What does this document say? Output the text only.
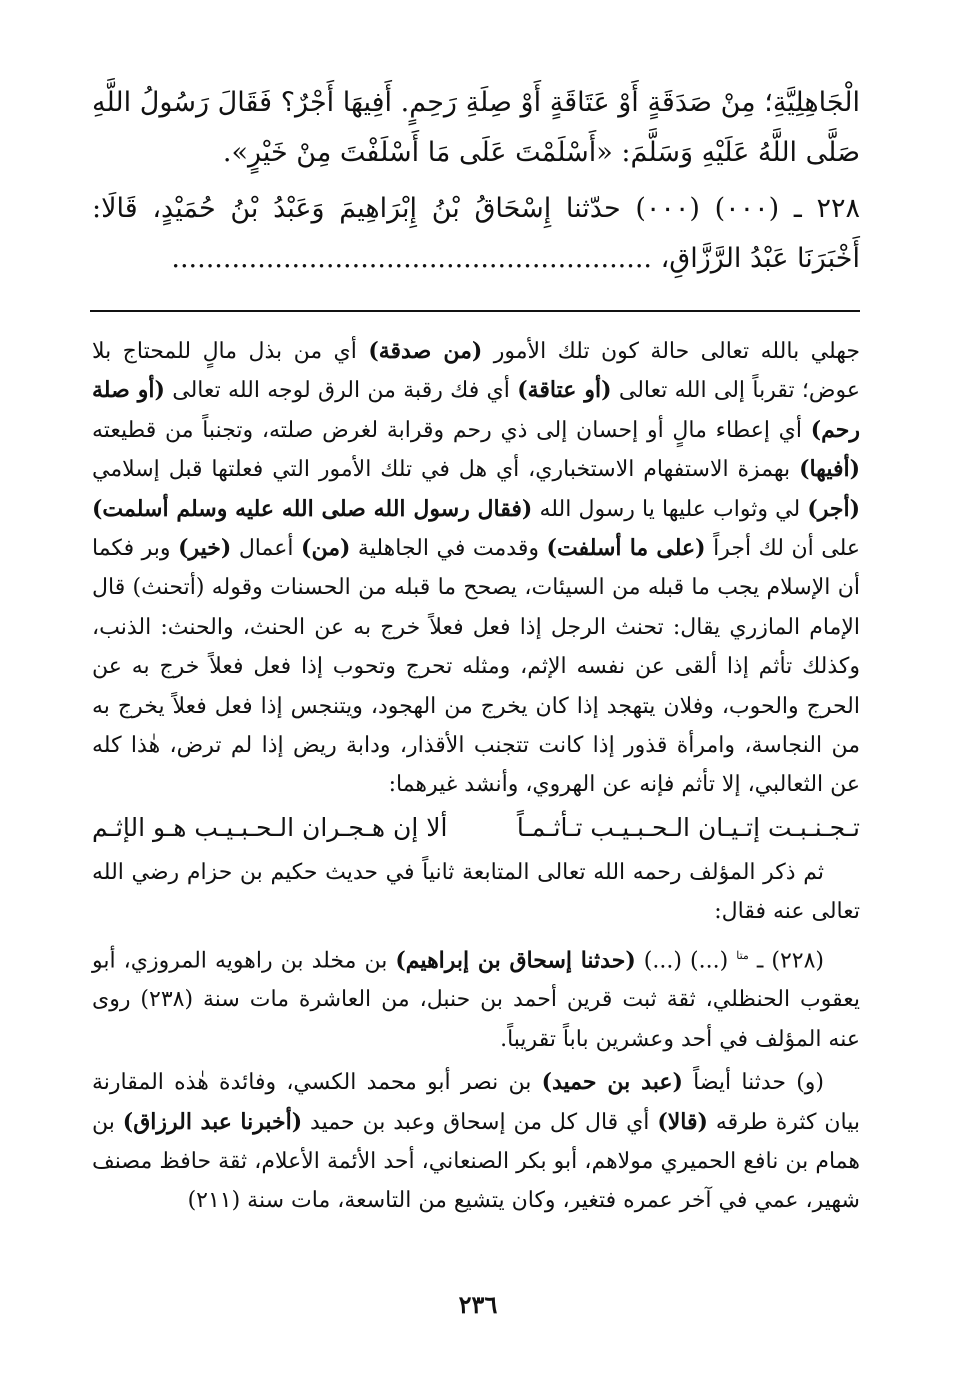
الْجَاهِلِيَّةِ؛ مِنْ صَدَقَةٍ أَوْ عَتَاقَةٍ أَوْ صِلَةِ رَحِمٍ. أَفِيهَا أَجْرٌ؟ فَقَالَ رَسُولُ اللَّهِ صَلَّى اللَّهُ عَلَيْهِ وَسَلَّمَ: «أَسْلَمْتَ عَلَى مَا أَسْلَفْتَ مِنْ خَيْرٍ».

٢٢٨ ـ (٠٠٠) (٠٠٠) حدّثنا إِسْحَاقُ بْنُ إِبْرَاهِيمَ وَعَبْدُ بْنُ حُمَيْدٍ، قَالَا: أَخْبَرَنَا عَبْدُ الرَّزَّاقِ، ........................................................

جهلي بالله تعالى حالة كون تلك الأمور (من صدقة) أي من بذل مالٍ للمحتاج بلا عوض؛ تقرباً إلى الله تعالى (أو عتاقة) أي فك رقبة من الرق لوجه الله تعالى (أو صلة رحم) أي إعطاء مالٍ أو إحسان إلى ذي رحم وقرابة لغرض صلته، وتجنباً من قطيعته (أفيها) بهمزة الاستفهام الاستخباري، أي هل في تلك الأمور التي فعلتها قبل إسلامي (أجر) لي وثواب عليها يا رسول الله (فقال رسول الله صلى الله عليه وسلم أسلمت) على أن لك أجراً (على ما أسلفت) وقدمت في الجاهلية (من) أعمال (خير) وبر فكما أن الإسلام يجب ما قبله من السيئات، يصحح ما قبله من الحسنات وقوله (أتحنث) قال الإمام المازري يقال: تحنث الرجل إذا فعل فعلاً خرج به عن الحنث، والحنث: الذنب، وكذلك تأثم إذا ألقى عن نفسه الإثم، ومثله تحرج وتحوب إذا فعل فعلاً خرج به عن الحرج والحوب، وفلان يتهجد إذا كان يخرج من الهجود، ويتنجس إذا فعل فعلاً يخرج به من النجاسة، وامرأة قذور إذا كانت تتجنب الأقذار، ودابة ريض إذا لم ترض، هٰذا كله عن الثعالبي، إلا تأثم فإنه عن الهروي، وأنشد غيرهما:

تـجـنـبـت إتـيـان الـحـبـيـب تـأثـمـاً
ألا إن هـجـران الـحـبـيـب هـو الإثـم

ثم ذكر المؤلف رحمه الله تعالى المتابعة ثانياً في حديث حكيم بن حزام رضي الله تعالى عنه فقال:

(٢٢٨) ـ $^{متا}$ (...) (...) (حدثنا إسحاق بن إبراهيم) بن مخلد بن راهويه المروزي، أبو يعقوب الحنظلي، ثقة ثبت قرين أحمد بن حنبل، من العاشرة مات سنة (٢٣٨) روى عنه المؤلف في أحد وعشرين باباً تقريباً.

(و) حدثنا أيضاً (عبد بن حميد) بن نصر أبو محمد الكسي، وفائدة هٰذه المقارنة بيان كثرة طرقه (قالا) أي قال كل من إسحاق وعبد بن حميد (أخبرنا عبد الرزاق) بن همام بن نافع الحميري مولاهم، أبو بكر الصنعاني، أحد الأئمة الأعلام، ثقة حافظ مصنف شهير، عمي في آخر عمره فتغير، وكان يتشيع من التاسعة، مات سنة (٢١١)

٢٣٦
